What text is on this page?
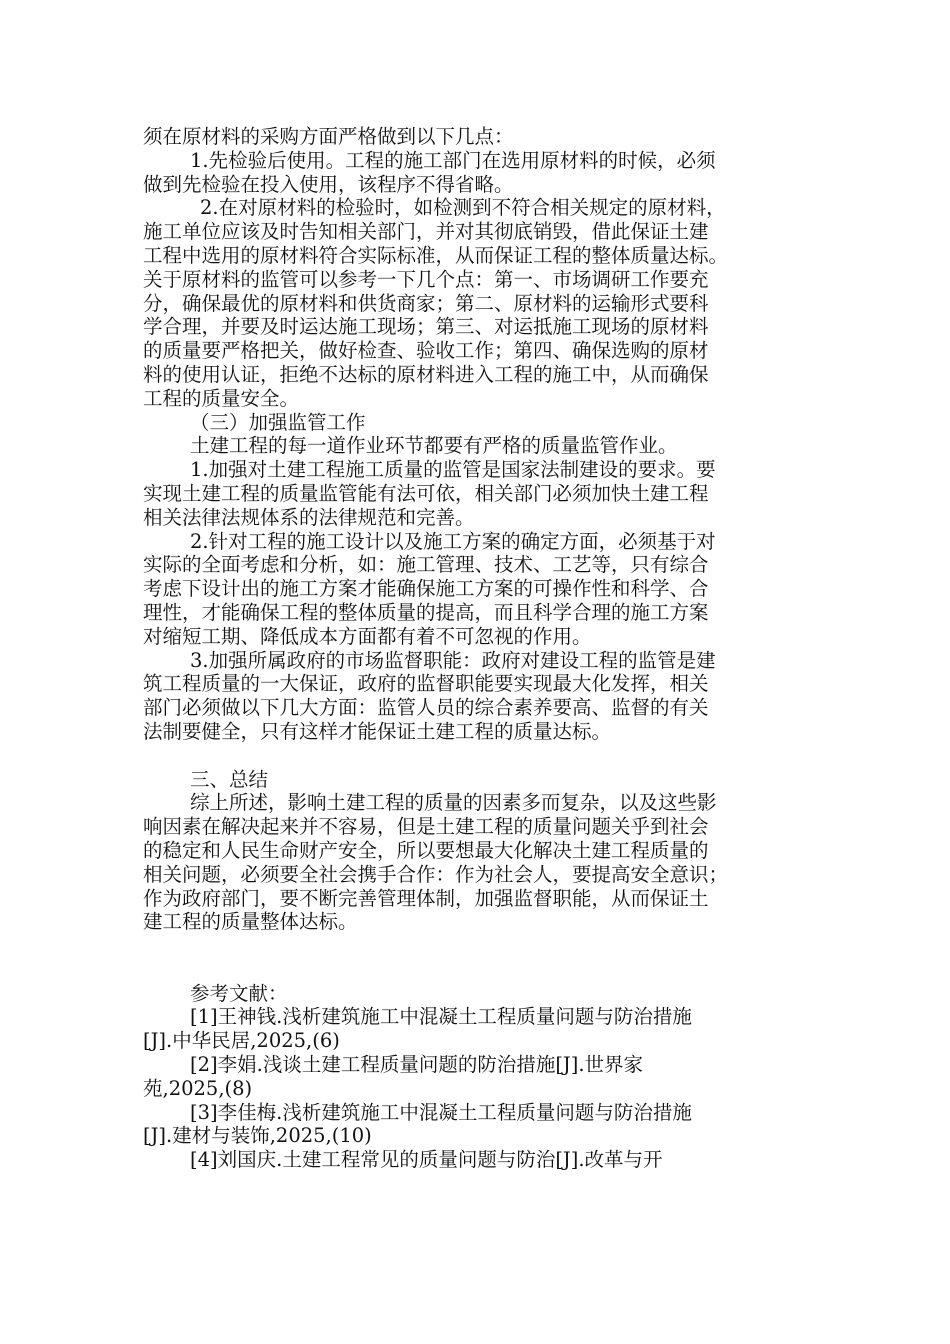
须在原材料的采购方面严格做到以下几点：
1.先检验后使用。工程的施工部门在选用原材料的时候，必须
做到先检验在投入使用，该程序不得省略。
2.在对原材料的检验时，如检测到不符合相关规定的原材料，
施工单位应该及时告知相关部门，并对其彻底销毁，借此保证土建
工程中选用的原材料符合实际标准，从而保证工程的整体质量达标。
关于原材料的监管可以参考一下几个点：第一、市场调研工作要充
分，确保最优的原材料和供货商家；第二、原材料的运输形式要科
学合理，并要及时运达施工现场；第三、对运抵施工现场的原材料
的质量要严格把关，做好检查、验收工作；第四、确保选购的原材
料的使用认证，拒绝不达标的原材料进入工程的施工中，从而确保
工程的质量安全。
（三）加强监管工作
土建工程的每一道作业环节都要有严格的质量监管作业。
1.加强对土建工程施工质量的监管是国家法制建设的要求。要
实现土建工程的质量监管能有法可依，相关部门必须加快土建工程
相关法律法规体系的法律规范和完善。
2.针对工程的施工设计以及施工方案的确定方面，必须基于对
实际的全面考虑和分析，如：施工管理、技术、工艺等，只有综合
考虑下设计出的施工方案才能确保施工方案的可操作性和科学、合
理性，才能确保工程的整体质量的提高，而且科学合理的施工方案
对缩短工期、降低成本方面都有着不可忽视的作用。
3.加强所属政府的市场监督职能：政府对建设工程的监管是建
筑工程质量的一大保证，政府的监督职能要实现最大化发挥，相关
部门必须做以下几大方面：监管人员的综合素养要高、监督的有关
法制要健全，只有这样才能保证土建工程的质量达标。
三、总结
综上所述，影响土建工程的质量的因素多而复杂，以及这些影
响因素在解决起来并不容易，但是土建工程的质量问题关乎到社会
的稳定和人民生命财产安全，所以要想最大化解决土建工程质量的
相关问题，必须要全社会携手合作：作为社会人，要提高安全意识；
作为政府部门，要不断完善管理体制，加强监督职能，从而保证土
建工程的质量整体达标。
参考文献：
[1]王神钱.浅析建筑施工中混凝土工程质量问题与防治措施
[J].中华民居,2025,(6)
[2]李娟.浅谈土建工程质量问题的防治措施[J].世界家
苑,2025,(8)
[3]李佳梅.浅析建筑施工中混凝土工程质量问题与防治措施
[J].建材与装饰,2025,(10)
[4]刘国庆.土建工程常见的质量问题与防治[J].改革与开
